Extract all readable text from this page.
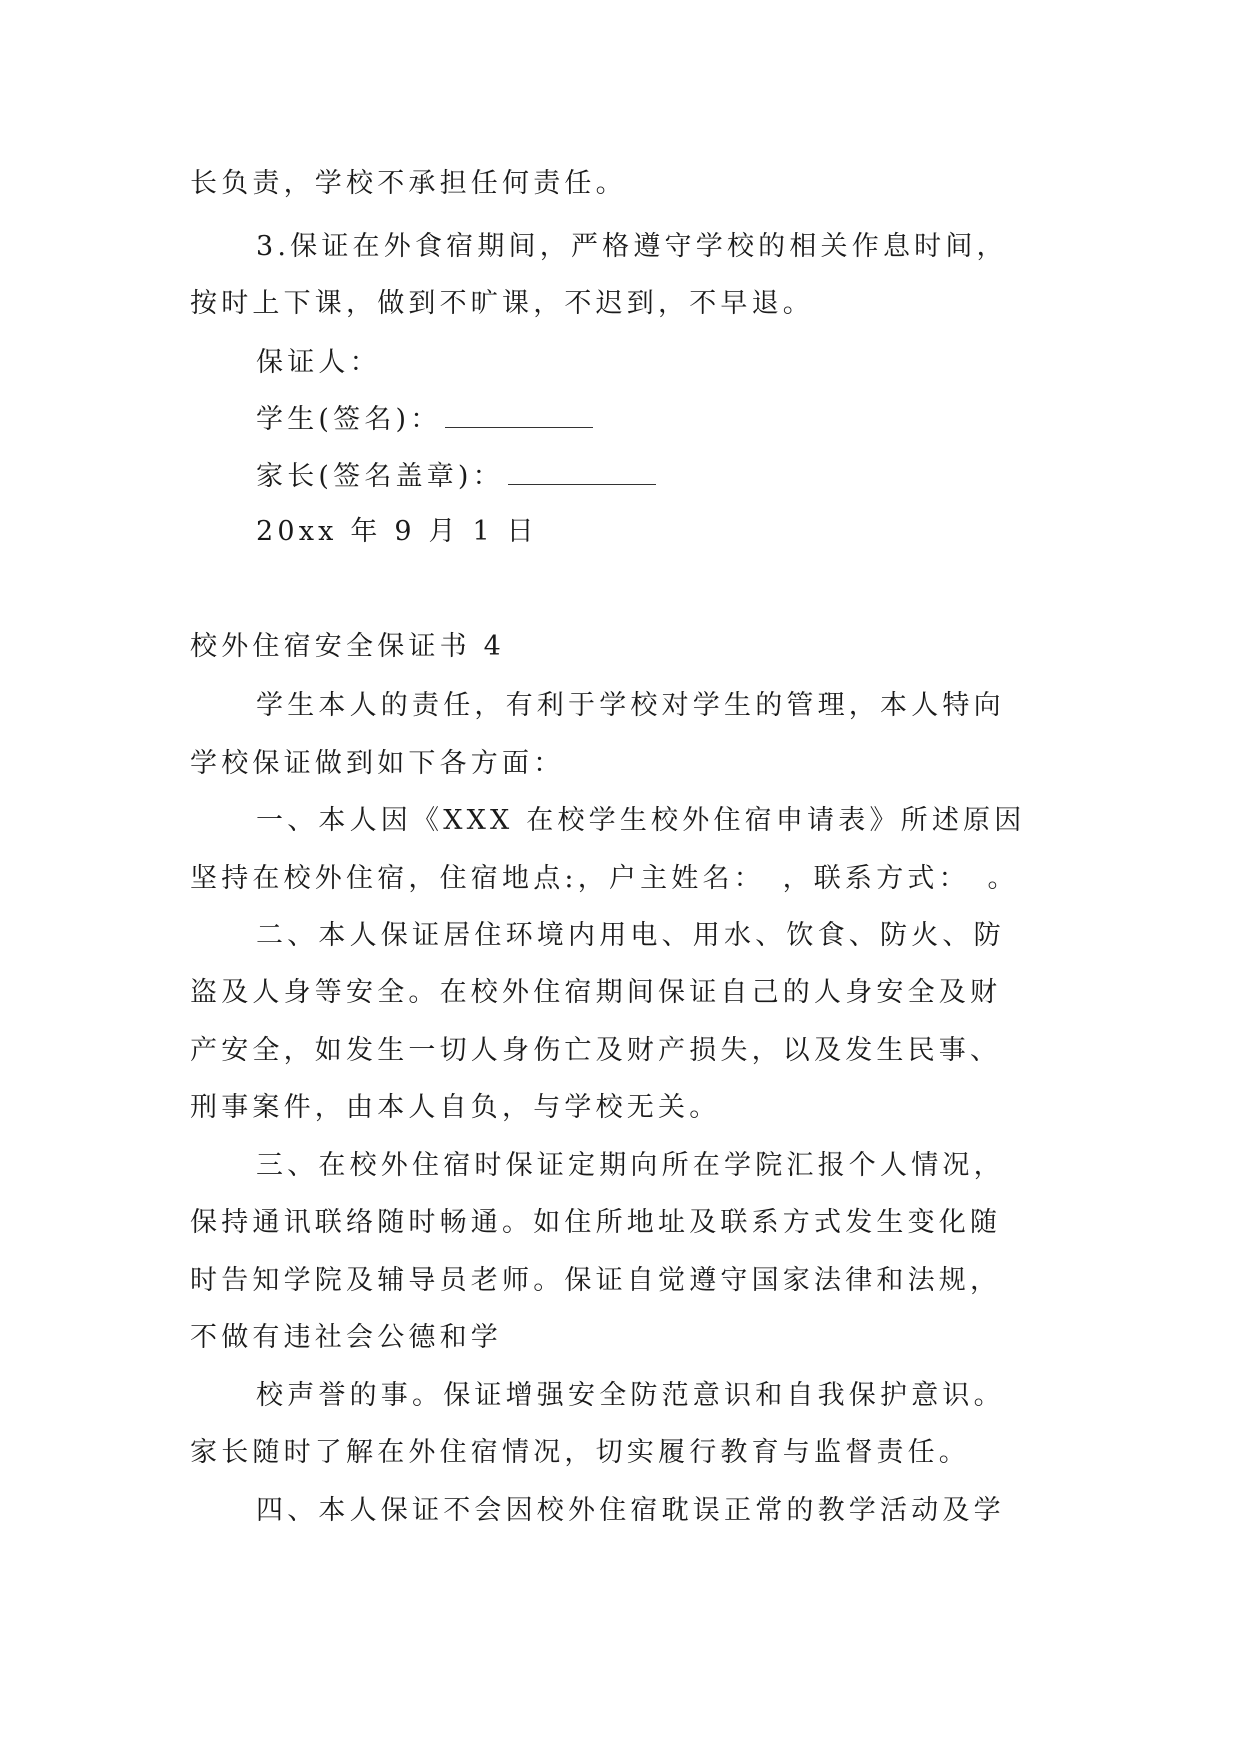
长负责，学校不承担任何责任。
3.保证在外食宿期间，严格遵守学校的相关作息时间，
按时上下课，做到不旷课，不迟到，不早退。
保证人：
学生(签名)：
家长(签名盖章)：
20xx 年 9 月 1 日
校外住宿安全保证书 4
学生本人的责任，有利于学校对学生的管理，本人特向
学校保证做到如下各方面：
一、本人因《XXX 在校学生校外住宿申请表》所述原因
坚持在校外住宿，住宿地点:，户主姓名：　，联系方式：　。
二、本人保证居住环境内用电、用水、饮食、防火、防
盗及人身等安全。在校外住宿期间保证自己的人身安全及财
产安全，如发生一切人身伤亡及财产损失，以及发生民事、
刑事案件，由本人自负，与学校无关。
三、在校外住宿时保证定期向所在学院汇报个人情况，
保持通讯联络随时畅通。如住所地址及联系方式发生变化随
时告知学院及辅导员老师。保证自觉遵守国家法律和法规，
不做有违社会公德和学
校声誉的事。保证增强安全防范意识和自我保护意识。
家长随时了解在外住宿情况，切实履行教育与监督责任。
四、本人保证不会因校外住宿耽误正常的教学活动及学
